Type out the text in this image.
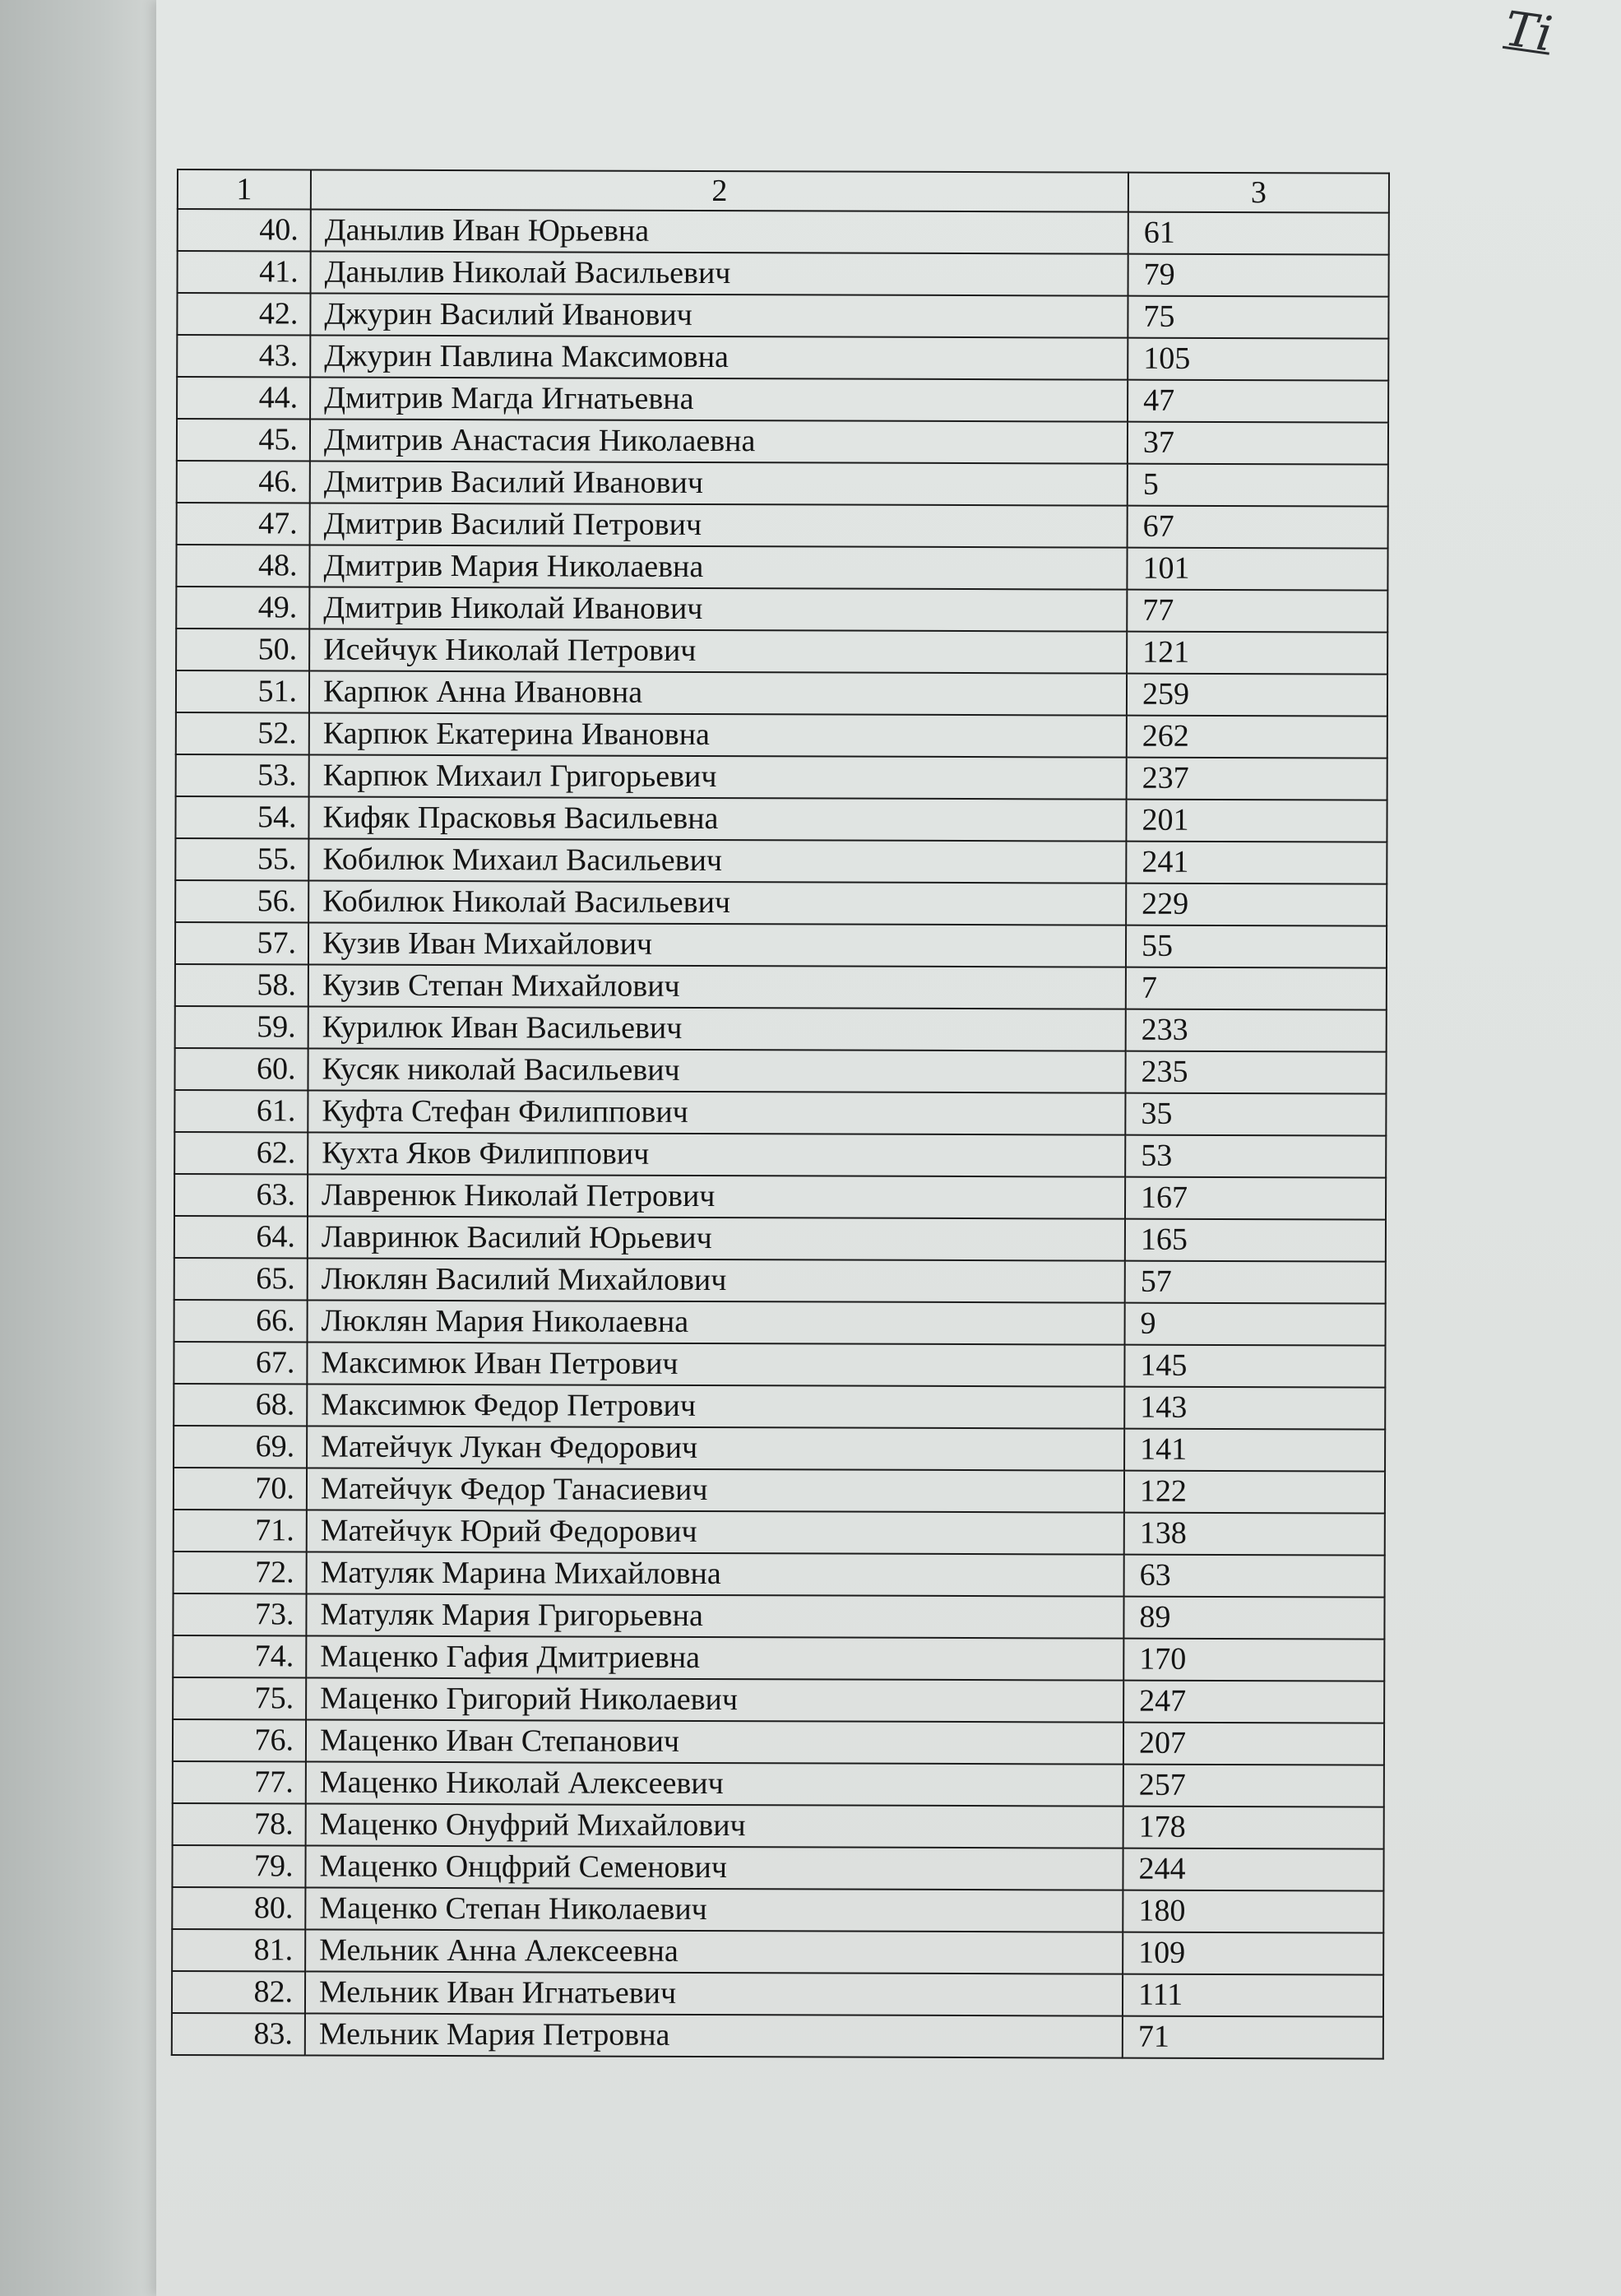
Ті
1	2	3
40.	Данылив Иван Юрьевна	61
41.	Данылив Николай Васильевич	79
42.	Джурин Василий Иванович	75
43.	Джурин Павлина Максимовна	105
44.	Дмитрив Магда Игнатьевна	47
45.	Дмитрив Анастасия Николаевна	37
46.	Дмитрив Василий Иванович	5
47.	Дмитрив Василий Петрович	67
48.	Дмитрив Мария Николаевна	101
49.	Дмитрив Николай Иванович	77
50.	Исейчук Николай Петрович	121
51.	Карпюк Анна Ивановна	259
52.	Карпюк Екатерина Ивановна	262
53.	Карпюк Михаил Григорьевич	237
54.	Кифяк Прасковья Васильевна	201
55.	Кобилюк Михаил Васильевич	241
56.	Кобилюк Николай Васильевич	229
57.	Кузив Иван Михайлович	55
58.	Кузив Степан Михайлович	7
59.	Курилюк Иван Васильевич	233
60.	Кусяк николай Васильевич	235
61.	Куфта Стефан Филиппович	35
62.	Кухта Яков Филиппович	53
63.	Лавренюк Николай Петрович	167
64.	Лавринюк Василий Юрьевич	165
65.	Люклян Василий Михайлович	57
66.	Люклян Мария Николаевна	9
67.	Максимюк Иван Петрович	145
68.	Максимюк Федор Петрович	143
69.	Матейчук Лукан Федорович	141
70.	Матейчук Федор Танасиевич	122
71.	Матейчук Юрий Федорович	138
72.	Матуляк Марина Михайловна	63
73.	Матуляк Мария Григорьевна	89
74.	Маценко Гафия Дмитриевна	170
75.	Маценко Григорий Николаевич	247
76.	Маценко Иван Степанович	207
77.	Маценко Николай Алексеевич	257
78.	Маценко Онуфрий Михайлович	178
79.	Маценко Онцфрий Семенович	244
80.	Маценко Степан Николаевич	180
81.	Мельник Анна Алексеевна	109
82.	Мельник Иван Игнатьевич	111
83.	Мельник Мария Петровна	71
